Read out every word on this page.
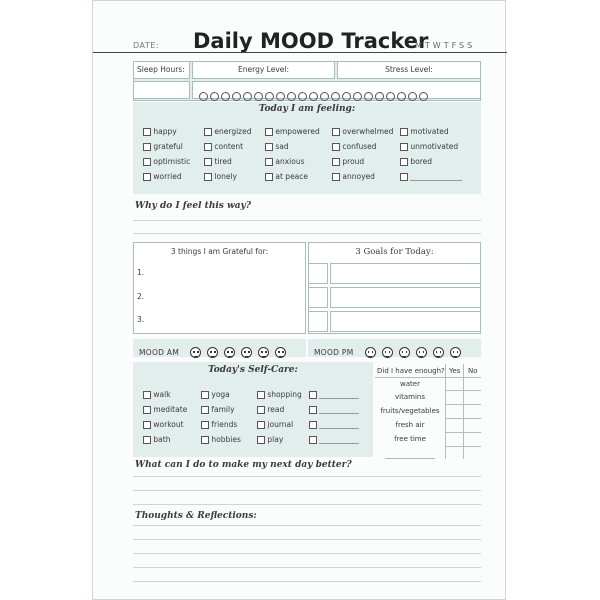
DATE: Daily MOOD Tracker
MTWTFSS
Sleep Hours:	Energy Level:	Stress Level:
Today I am feeling:
happy	energized	empowered	overwhelmed	motivated
grateful	content	sad	confused	unmotivated
optimistic	tired	anxious	proud	bored
worried	lonely	at peace	annoyed

Why do I feel this way?
3 things I am Grateful for:
1.
2.
3.
3 Goals for Today:
MOOD AM	MOOD PM
Today's Self-Care:
walk	yoga	shopping

meditate	family	read

workout	friends	journal

bath	hobbies	play

Did I have enough? Yes No
water
vitamins
fruits/vegetables
fresh air
free time
What can I do to make my next day better?
Thoughts & Reflections:
